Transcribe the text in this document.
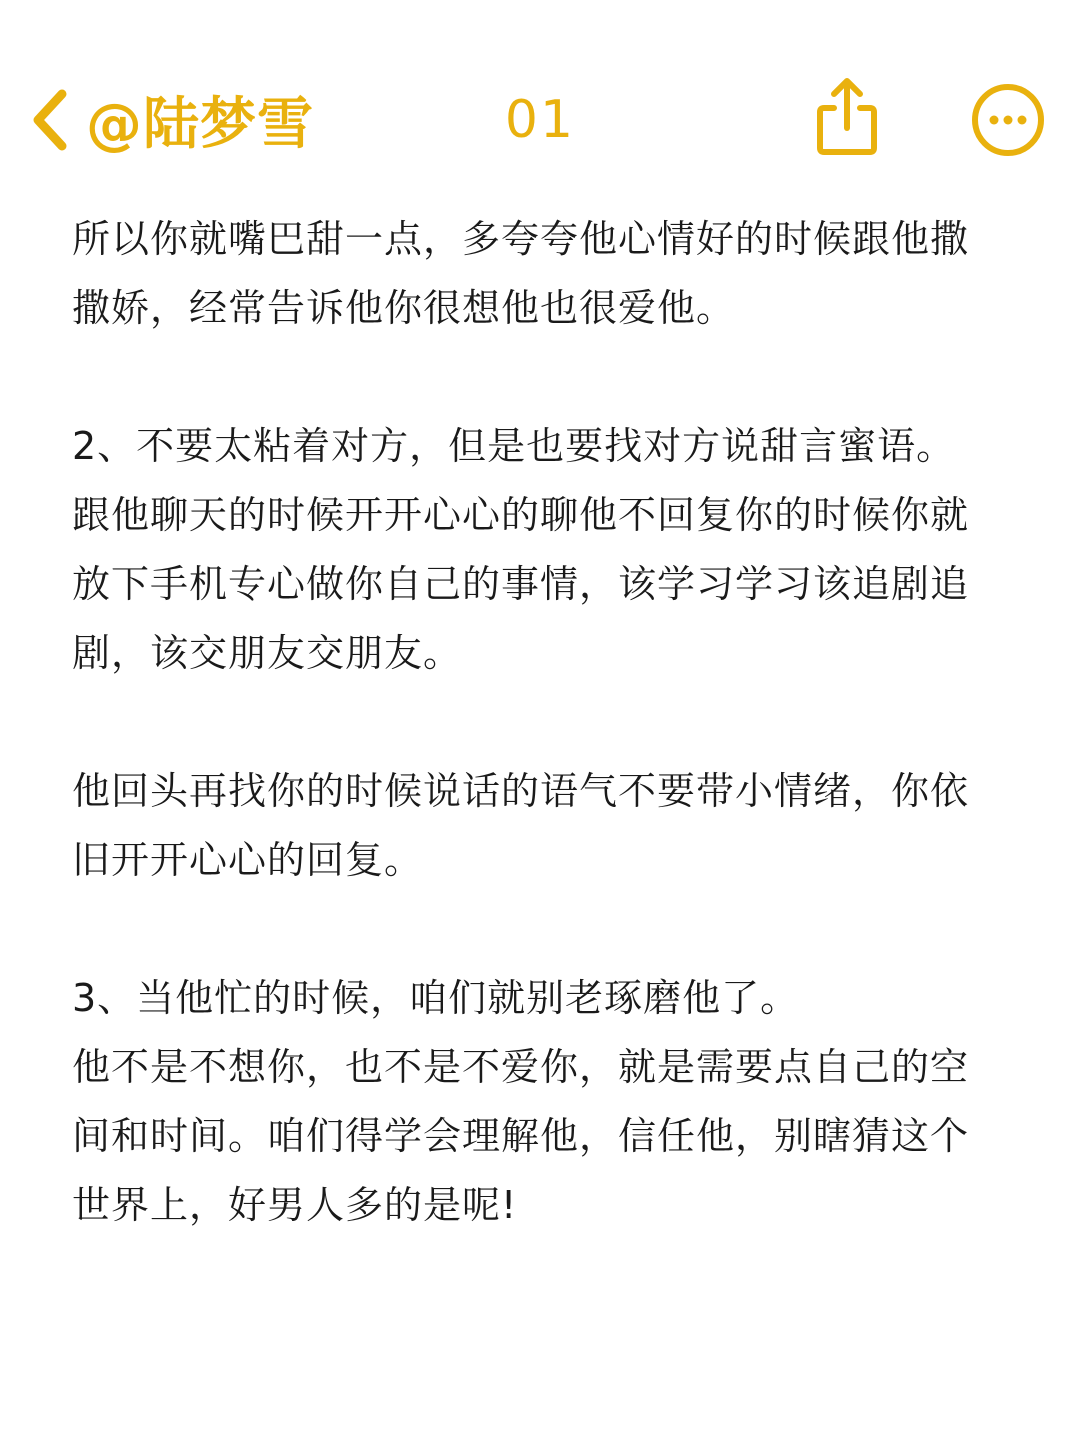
@陆梦雪	01

所以你就嘴巴甜一点，多夸夸他心情好的时候跟他撒撒娇，经常告诉他你很想他也很爱他。

2、不要太粘着对方，但是也要找对方说甜言蜜语。

跟他聊天的时候开开心心的聊他不回复你的时候你就放下手机专心做你自己的事情，该学习学习该追剧追剧，该交朋友交朋友。

他回头再找你的时候说话的语气不要带小情绪，你依旧开开心心的回复。

3、当他忙的时候，咱们就别老琢磨他了。

他不是不想你，也不是不爱你，就是需要点自己的空间和时间。咱们得学会理解他，信任他，别瞎猜这个世界上，好男人多的是呢!
